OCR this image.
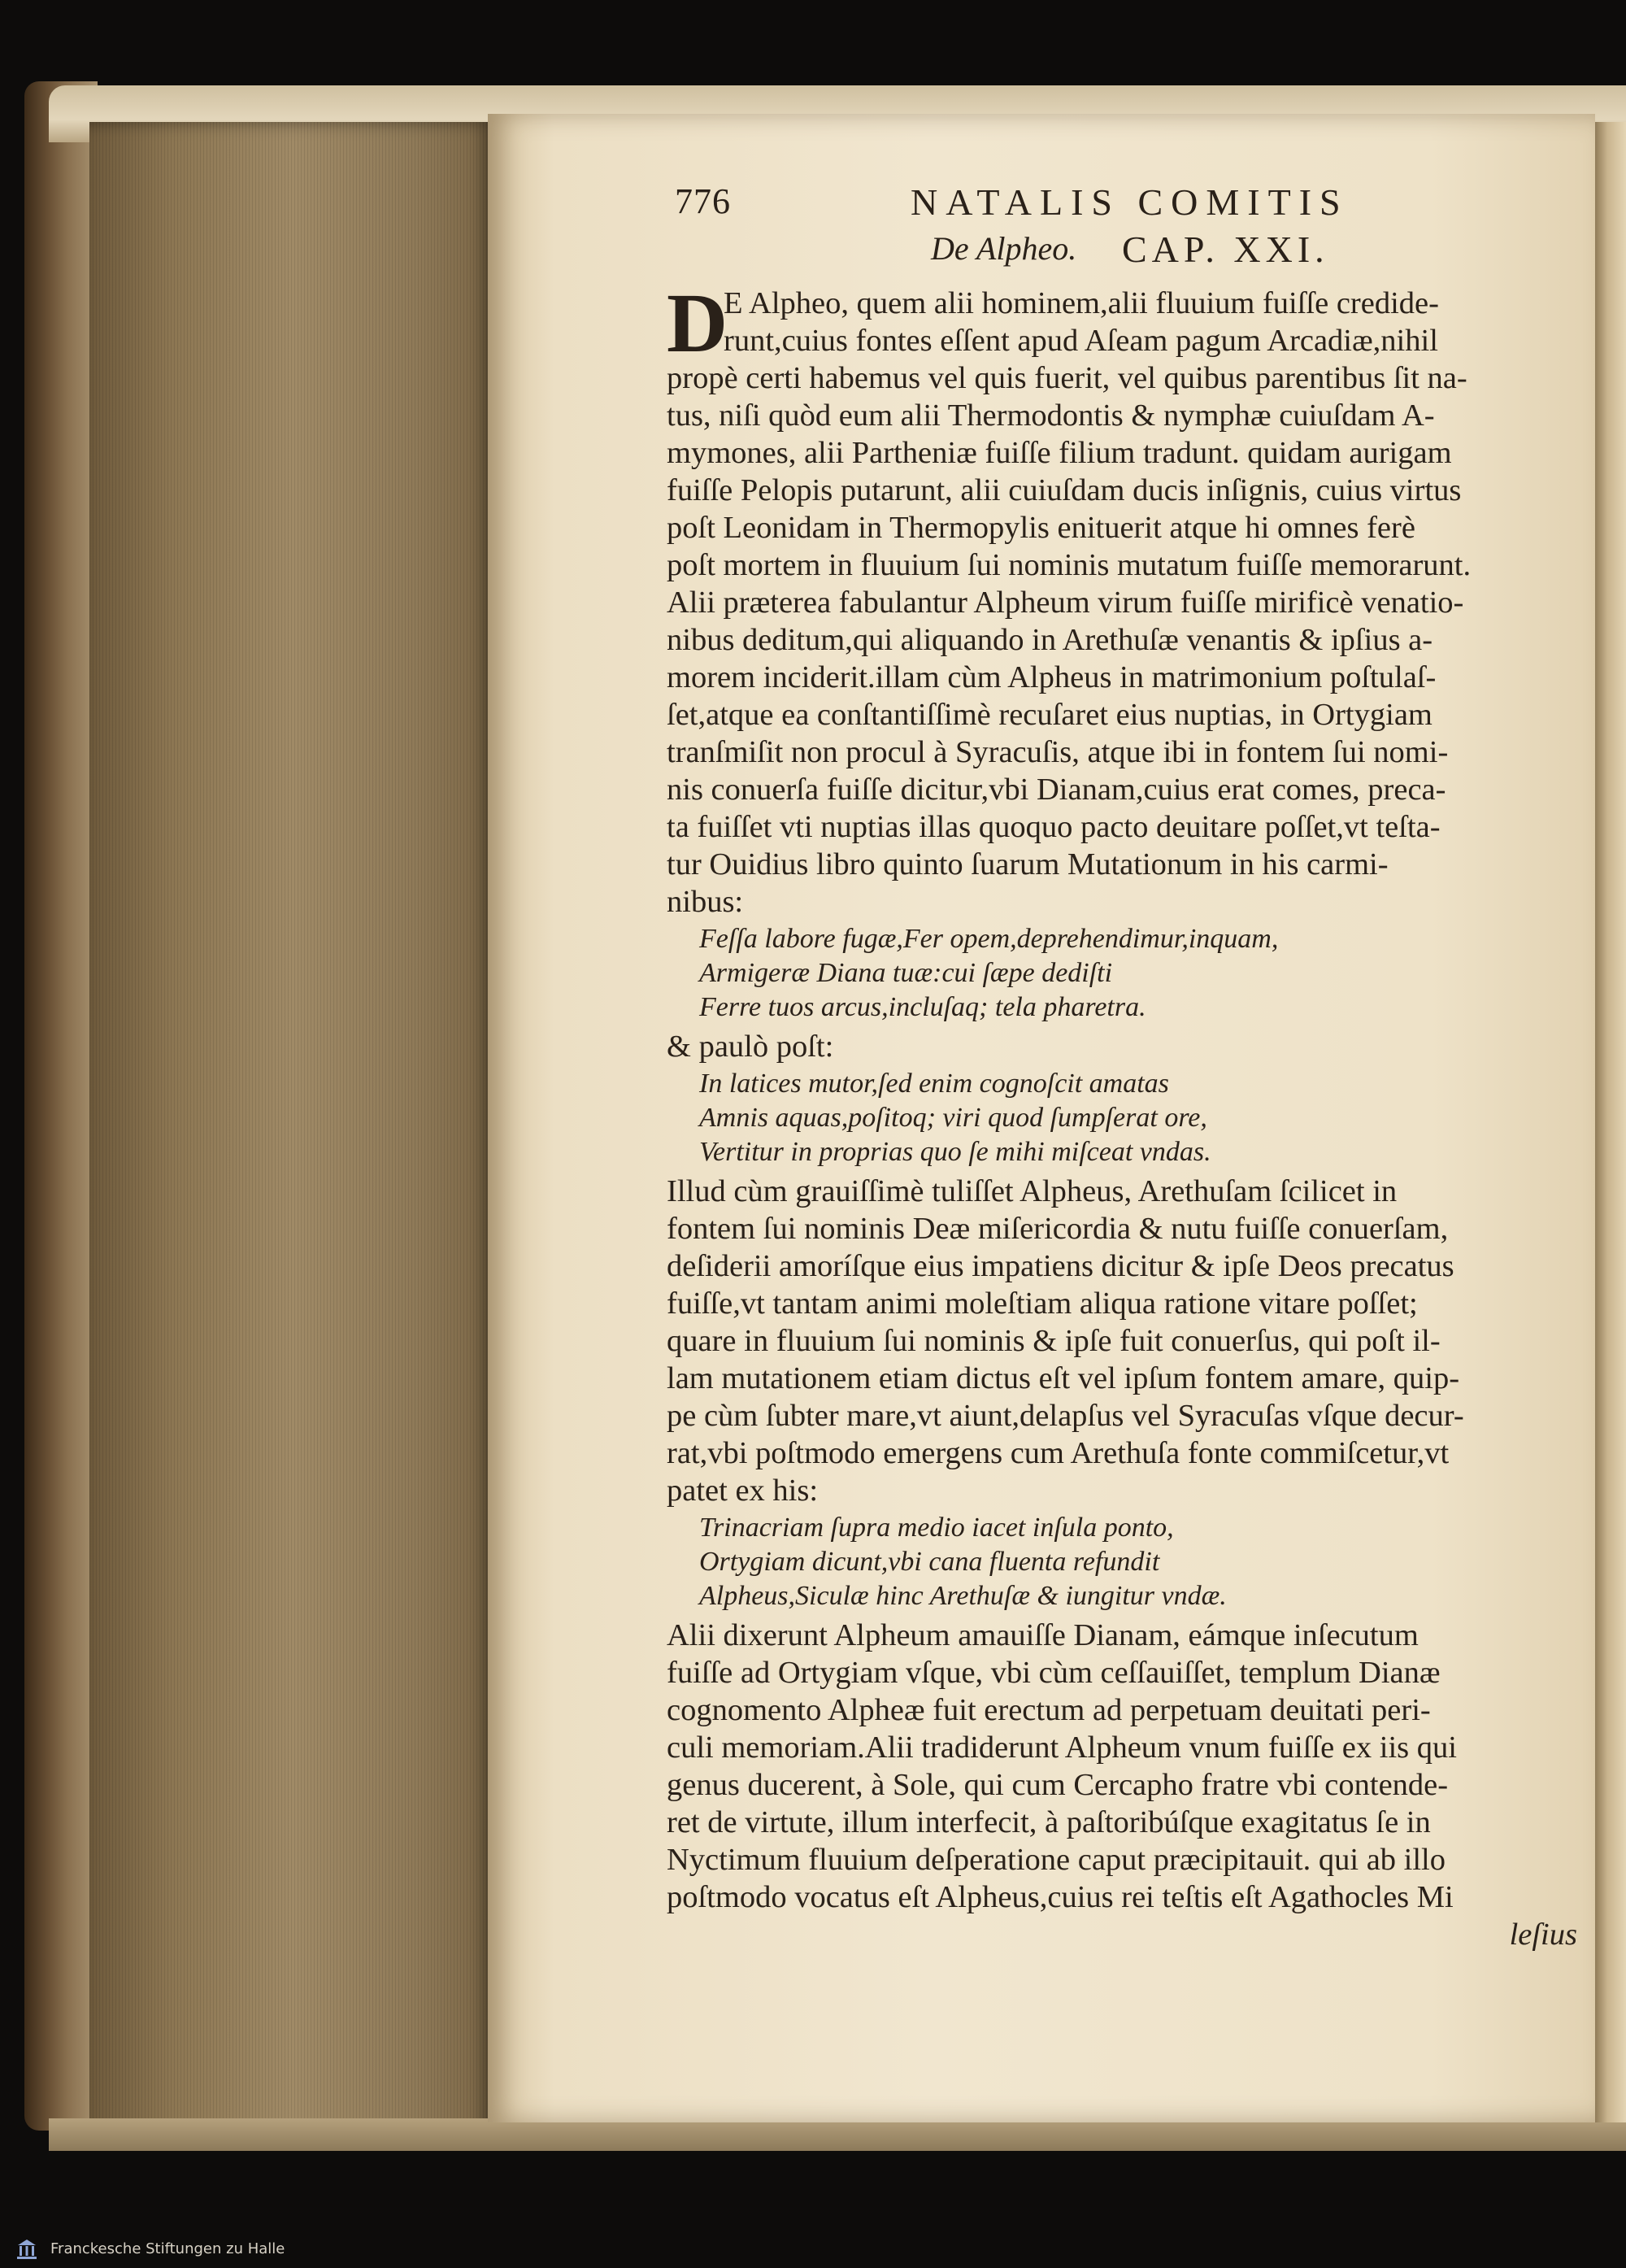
776	NATALIS COMITIS
De Alpheo. CAP. XXI.
D

E Alpheo, quem alii hominem,alii fluuium fuiſſe credide-
runt,cuius fontes eſſent apud Aſeam pagum Arcadiæ,nihil
propè certi habemus vel quis fuerit, vel quibus parentibus ſit na-
tus, niſi quòd eum alii Thermodontis & nymphæ cuiuſdam A-
mymones, alii Partheniæ fuiſſe filium tradunt. quidam aurigam
fuiſſe Pelopis putarunt, alii cuiuſdam ducis inſignis, cuius virtus
poſt Leonidam in Thermopylis enituerit atque hi omnes ferè
poſt mortem in fluuium ſui nominis mutatum fuiſſe memorarunt.
Alii præterea fabulantur Alpheum virum fuiſſe mirificè venatio-
nibus deditum,qui aliquando in Arethuſæ venantis & ipſius a-
morem inciderit.illam cùm Alpheus in matrimonium poſtulaſ-
ſet,atque ea conſtantiſſimè recuſaret eius nuptias, in Ortygiam
tranſmiſit non procul à Syracuſis, atque ibi in fontem ſui nomi-
nis conuerſa fuiſſe dicitur,vbi Dianam,cuius erat comes, preca-
ta fuiſſet vti nuptias illas quoquo pacto deuitare poſſet,vt teſta-
tur Ouidius libro quinto ſuarum Mutationum in his carmi-
nibus:

Feſſa labore fugæ,Fer opem,deprehendimur,inquam,
Armigeræ Diana tuæ:cui ſæpe dediſti
Ferre tuos arcus,incluſaq; tela pharetra.

& paulò poſt:

In latices mutor,ſed enim cognoſcit amatas
Amnis aquas,poſitoq; viri quod ſumpſerat ore,
Vertitur in proprias quo ſe mihi miſceat vndas.

Illud cùm grauiſſimè tuliſſet Alpheus, Arethuſam ſcilicet in
fontem ſui nominis Deæ miſericordia & nutu fuiſſe conuerſam,
deſiderii amoríſque eius impatiens dicitur & ipſe Deos precatus
fuiſſe,vt tantam animi moleſtiam aliqua ratione vitare poſſet;
quare in fluuium ſui nominis & ipſe fuit conuerſus, qui poſt il-
lam mutationem etiam dictus eſt vel ipſum fontem amare, quip-
pe cùm ſubter mare,vt aiunt,delapſus vel Syracuſas vſque decur-
rat,vbi poſtmodo emergens cum Arethuſa fonte commiſcetur,vt
patet ex his:

Trinacriam ſupra medio iacet inſula ponto,
Ortygiam dicunt,vbi cana fluenta refundit
Alpheus,Siculæ hinc Arethuſæ & iungitur vndæ.

Alii dixerunt Alpheum amauiſſe Dianam, eámque inſecutum
fuiſſe ad Ortygiam vſque, vbi cùm ceſſauiſſet, templum Dianæ
cognomento Alpheæ fuit erectum ad perpetuam deuitati peri-
culi memoriam.Alii tradiderunt Alpheum vnum fuiſſe ex iis qui
genus ducerent, à Sole, qui cum Cercapho fratre vbi contende-
ret de virtute, illum interfecit, à paſtoribúſque exagitatus ſe in
Nyctimum fluuium deſperatione caput præcipitauit. qui ab illo
poſtmodo vocatus eſt Alpheus,cuius rei teſtis eſt Agathocles Mi

leſius
Franckesche Stiftungen zu Halle
